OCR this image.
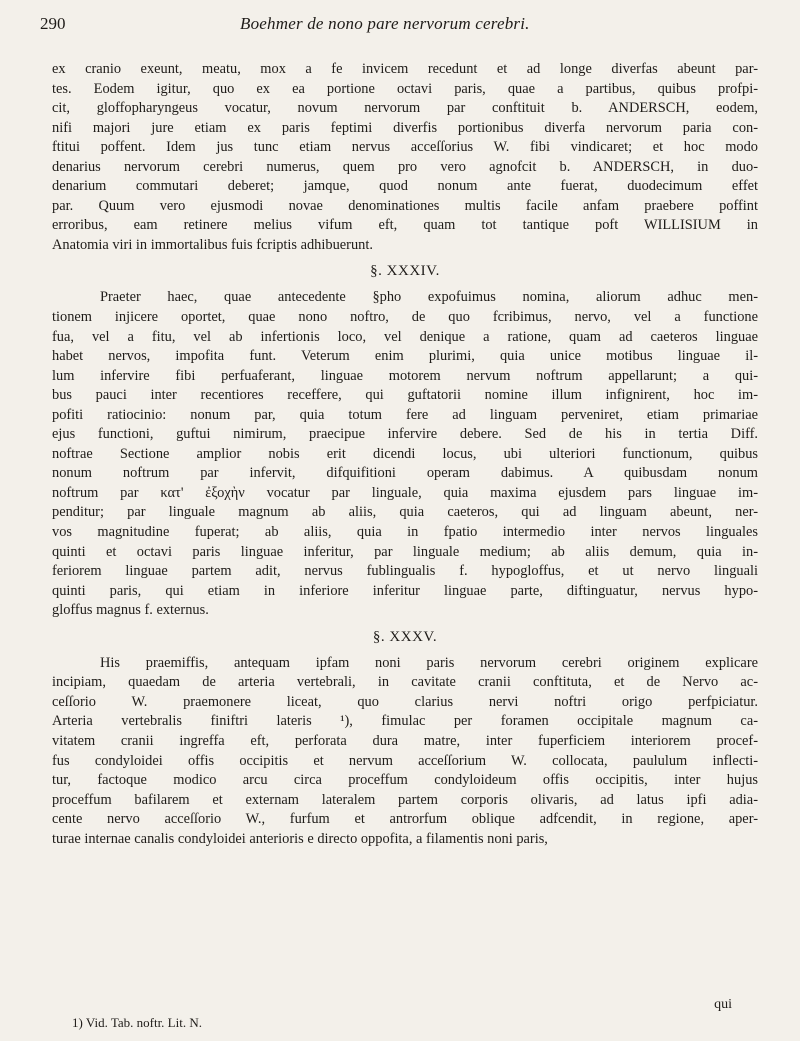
290	Boehmer de nono pare nervorum cerebri.

ex cranio exeunt, meatu, mox a fe invicem recedunt et ad longe diverfas abeunt par-
tes. Eodem igitur, quo ex ea portione octavi paris, quae a partibus, quibus profpi-
cit, gloffopharyngeus vocatur, novum nervorum par conftituit b. ANDERSCH, eodem,
nifi majori jure etiam ex paris feptimi diverfis portionibus diverfa nervorum paria con-
ftitui poffent. Idem jus tunc etiam nervus acceſſorius W. fibi vindicaret; et hoc modo
denarius nervorum cerebri numerus, quem pro vero agnofcit b. ANDERSCH, in duo-
denarium commutari deberet; jamque, quod nonum ante fuerat, duodecimum effet
par. Quum vero ejusmodi novae denominationes multis facile anfam praebere poffint
erroribus, eam retinere melius vifum eft, quam tot tantique poft WILLISIUM in
Anatomia viri in immortalibus fuis fcriptis adhibuerunt.

§. XXXIV.

Praeter haec, quae antecedente §pho expofuimus nomina, aliorum adhuc men-
tionem injicere oportet, quae nono noftro, de quo fcribimus, nervo, vel a functione
fua, vel a fitu, vel ab infertionis loco, vel denique a ratione, quam ad caeteros linguae
habet nervos, impofita funt. Veterum enim plurimi, quia unice motibus linguae il-
lum infervire fibi perfuaferant, linguae motorem nervum noftrum appellarunt; a qui-
bus pauci inter recentiores receffere, qui guftatorii nomine illum infignirent, hoc im-
pofiti ratiocinio: nonum par, quia totum fere ad linguam perveniret, etiam primariae
ejus functioni, guftui nimirum, praecipue infervire debere. Sed de his in tertia Diff.
noftrae Sectione amplior nobis erit dicendi locus, ubi ulteriori functionum, quibus
nonum noftrum par infervit, difquifitioni operam dabimus. A quibusdam nonum
noftrum par κατ' ἐξοχὴν vocatur par linguale, quia maxima ejusdem pars linguae im-
penditur; par linguale magnum ab aliis, quia caeteros, qui ad linguam abeunt, ner-
vos magnitudine fuperat; ab aliis, quia in fpatio intermedio inter nervos linguales
quinti et octavi paris linguae inferitur, par linguale medium; ab aliis demum, quia in-
feriorem linguae partem adit, nervus fublingualis f. hypogloffus, et ut nervo linguali
quinti paris, qui etiam in inferiore inferitur linguae parte, diftinguatur, nervus hypo-
gloffus magnus f. externus.

§. XXXV.

His praemiffis, antequam ipfam noni paris nervorum cerebri originem explicare
incipiam, quaedam de arteria vertebrali, in cavitate cranii conftituta, et de Nervo ac-
ceſſorio W. praemonere liceat, quo clarius nervi noftri origo perfpiciatur.
Arteria vertebralis finiftri lateris ¹), fimulac per foramen occipitale magnum ca-
vitatem cranii ingreffa eft, perforata dura matre, inter fuperficiem interiorem procef-
fus condyloidei offis occipitis et nervum acceſſorium W. collocata, paululum inflecti-
tur, factoque modico arcu circa proceffum condyloideum offis occipitis, inter hujus
proceffum bafilarem et externam lateralem partem corporis olivaris, ad latus ipfi adia-
cente nervo acceſſorio W., furfum et antrorfum oblique adfcendit, in regione, aper-
turae internae canalis condyloidei anterioris e directo oppofita, a filamentis noni paris,

qui
1) Vid. Tab. noftr. Lit. N.
